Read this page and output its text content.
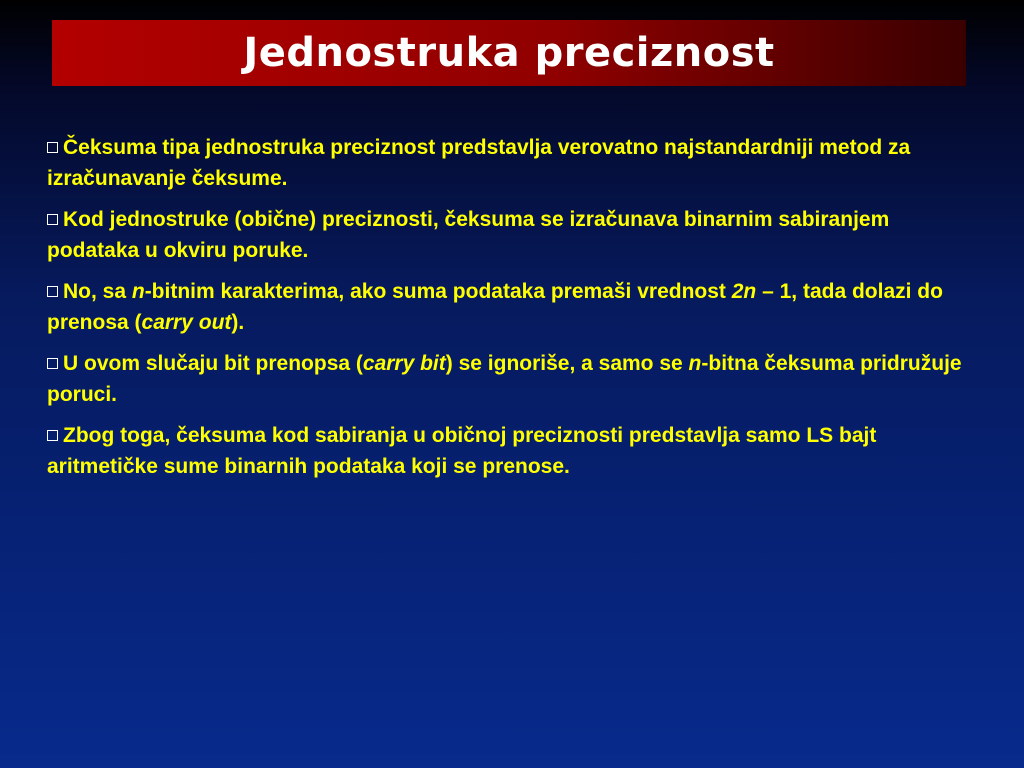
Jednostruka preciznost

Čeksuma tipa jednostruka preciznost predstavlja verovatno najstandardniji metod za izračunavanje čeksume.

Kod jednostruke (obične) preciznosti, čeksuma se izračunava binarnim sabiranjem podataka u okviru poruke.

No, sa n-bitnim karakterima, ako suma podataka premaši vrednost 2n – 1, tada dolazi do prenosa (carry out).

U ovom slučaju bit prenopsa (carry bit) se ignoriše, a samo se n-bitna čeksuma pridružuje poruci.

Zbog toga, čeksuma kod sabiranja u običnoj preciznosti predstavlja samo LS bajt aritmetičke sume binarnih podataka koji se prenose.
